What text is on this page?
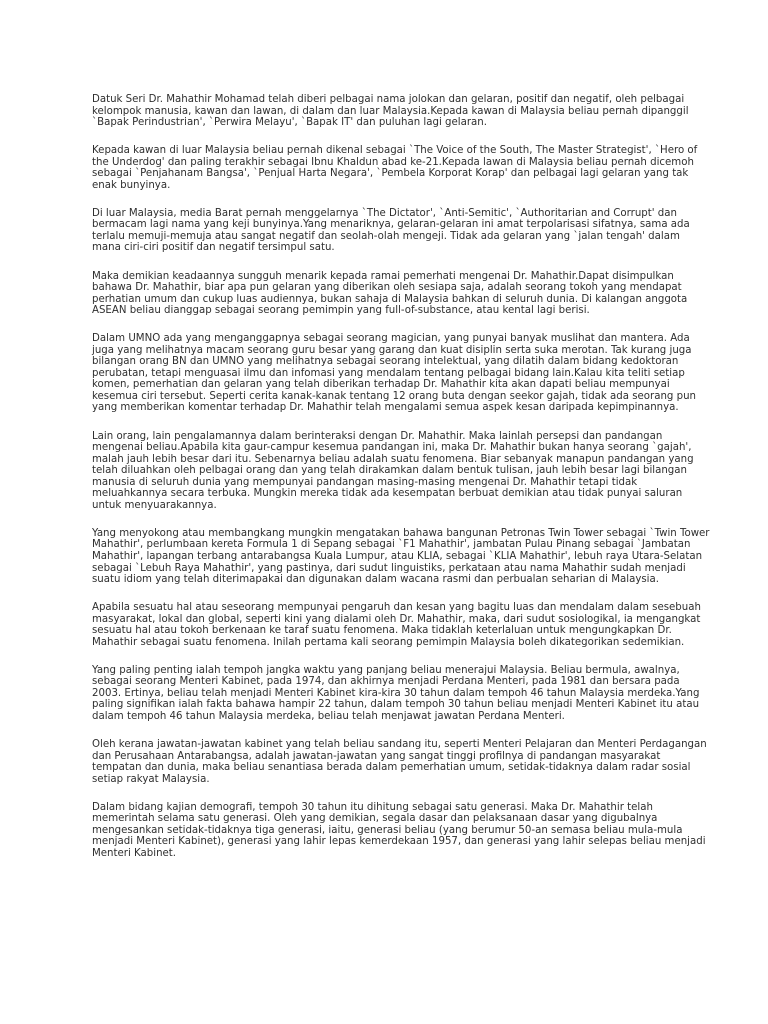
Datuk Seri Dr. Mahathir Mohamad telah diberi pelbagai nama jolokan dan gelaran, positif dan negatif, oleh pelbagai kelompok manusia, kawan dan lawan, di dalam dan luar Malaysia.Kepada kawan di Malaysia beliau pernah dipanggil `Bapak Perindustrian', `Perwira Melayu', `Bapak IT' dan puluhan lagi gelaran.

Kepada kawan di luar Malaysia beliau pernah dikenal sebagai `The Voice of the South, The Master Strategist', `Hero of the Underdog' dan paling terakhir sebagai Ibnu Khaldun abad ke-21.Kepada lawan di Malaysia beliau pernah dicemoh sebagai `Penjahanam Bangsa', `Penjual Harta Negara', `Pembela Korporat Korap' dan pelbagai lagi gelaran yang tak enak bunyinya.

Di luar Malaysia, media Barat pernah menggelarnya `The Dictator', `Anti-Semitic', `Authoritarian and Corrupt' dan bermacam lagi nama yang keji bunyinya.Yang menariknya, gelaran-gelaran ini amat terpolarisasi sifatnya, sama ada terlalu memuji-memuja atau sangat negatif dan seolah-olah mengeji. Tidak ada gelaran yang `jalan tengah' dalam mana ciri-ciri positif dan negatif tersimpul satu.

Maka demikian keadaannya sungguh menarik kepada ramai pemerhati mengenai Dr. Mahathir.Dapat disimpulkan bahawa Dr. Mahathir, biar apa pun gelaran yang diberikan oleh sesiapa saja, adalah seorang tokoh yang mendapat perhatian umum dan cukup luas audiennya, bukan sahaja di Malaysia bahkan di seluruh dunia. Di kalangan anggota ASEAN beliau dianggap sebagai seorang pemimpin yang full-of-substance, atau kental lagi berisi.

Dalam UMNO ada yang menganggapnya sebagai seorang magician, yang punyai banyak muslihat dan mantera. Ada juga yang melihatnya macam seorang guru besar yang garang dan kuat disiplin serta suka merotan. Tak kurang juga bilangan orang BN dan UMNO yang melihatnya sebagai seorang intelektual, yang dilatih dalam bidang kedoktoran perubatan, tetapi menguasai ilmu dan infomasi yang mendalam tentang pelbagai bidang lain.Kalau kita teliti setiap komen, pemerhatian dan gelaran yang telah diberikan terhadap Dr. Mahathir kita akan dapati beliau mempunyai kesemua ciri tersebut. Seperti cerita kanak-kanak tentang 12 orang buta dengan seekor gajah, tidak ada seorang pun yang memberikan komentar terhadap Dr. Mahathir telah mengalami semua aspek kesan daripada kepimpinannya.

Lain orang, lain pengalamannya dalam berinteraksi dengan Dr. Mahathir. Maka lainlah persepsi dan pandangan mengenai beliau.Apabila kita gaur-campur kesemua pandangan ini, maka Dr. Mahathir bukan hanya seorang `gajah', malah jauh lebih besar dari itu. Sebenarnya beliau adalah suatu fenomena. Biar sebanyak manapun pandangan yang telah diluahkan oleh pelbagai orang dan yang telah dirakamkan dalam bentuk tulisan, jauh lebih besar lagi bilangan manusia di seluruh dunia yang mempunyai pandangan masing-masing mengenai Dr. Mahathir tetapi tidak meluahkannya secara terbuka. Mungkin mereka tidak ada kesempatan berbuat demikian atau tidak punyai saluran untuk menyuarakannya.

Yang menyokong atau membangkang mungkin mengatakan bahawa bangunan Petronas Twin Tower sebagai `Twin Tower Mahathir', perlumbaan kereta Formula 1 di Sepang sebagai `F1 Mahathir', jambatan Pulau Pinang sebagai `Jambatan Mahathir', lapangan terbang antarabangsa Kuala Lumpur, atau KLIA, sebagai `KLIA Mahathir', lebuh raya Utara-Selatan sebagai `Lebuh Raya Mahathir', yang pastinya, dari sudut linguistiks, perkataan atau nama Mahathir sudah menjadi suatu idiom yang telah diterimapakai dan digunakan dalam wacana rasmi dan perbualan seharian di Malaysia.

Apabila sesuatu hal atau seseorang mempunyai pengaruh dan kesan yang bagitu luas dan mendalam dalam sesebuah masyarakat, lokal dan global, seperti kini yang dialami oleh Dr. Mahathir, maka, dari sudut sosiologikal, ia mengangkat sesuatu hal atau tokoh berkenaan ke taraf suatu fenomena. Maka tidaklah keterlaluan untuk mengungkapkan Dr. Mahathir sebagai suatu fenomena. Inilah pertama kali seorang pemimpin Malaysia boleh dikategorikan sedemikian.

Yang paling penting ialah tempoh jangka waktu yang panjang beliau menerajui Malaysia. Beliau bermula, awalnya, sebagai seorang Menteri Kabinet, pada 1974, dan akhirnya menjadi Perdana Menteri, pada 1981 dan bersara pada 2003. Ertinya, beliau telah menjadi Menteri Kabinet kira-kira 30 tahun dalam tempoh 46 tahun Malaysia merdeka.Yang paling signifikan ialah fakta bahawa hampir 22 tahun, dalam tempoh 30 tahun beliau menjadi Menteri Kabinet itu atau dalam tempoh 46 tahun Malaysia merdeka, beliau telah menjawat jawatan Perdana Menteri.

Oleh kerana jawatan-jawatan kabinet yang telah beliau sandang itu, seperti Menteri Pelajaran dan Menteri Perdagangan dan Perusahaan Antarabangsa, adalah jawatan-jawatan yang sangat tinggi profilnya di pandangan masyarakat tempatan dan dunia, maka beliau senantiasa berada dalam pemerhatian umum, setidak-tidaknya dalam radar sosial setiap rakyat Malaysia.

Dalam bidang kajian demografi, tempoh 30 tahun itu dihitung sebagai satu generasi. Maka Dr. Mahathir telah memerintah selama satu generasi. Oleh yang demikian, segala dasar dan pelaksanaan dasar yang digubalnya mengesankan setidak-tidaknya tiga generasi, iaitu, generasi beliau (yang berumur 50-an semasa beliau mula-mula menjadi Menteri Kabinet), generasi yang lahir lepas kemerdekaan 1957, dan generasi yang lahir selepas beliau menjadi Menteri Kabinet.
